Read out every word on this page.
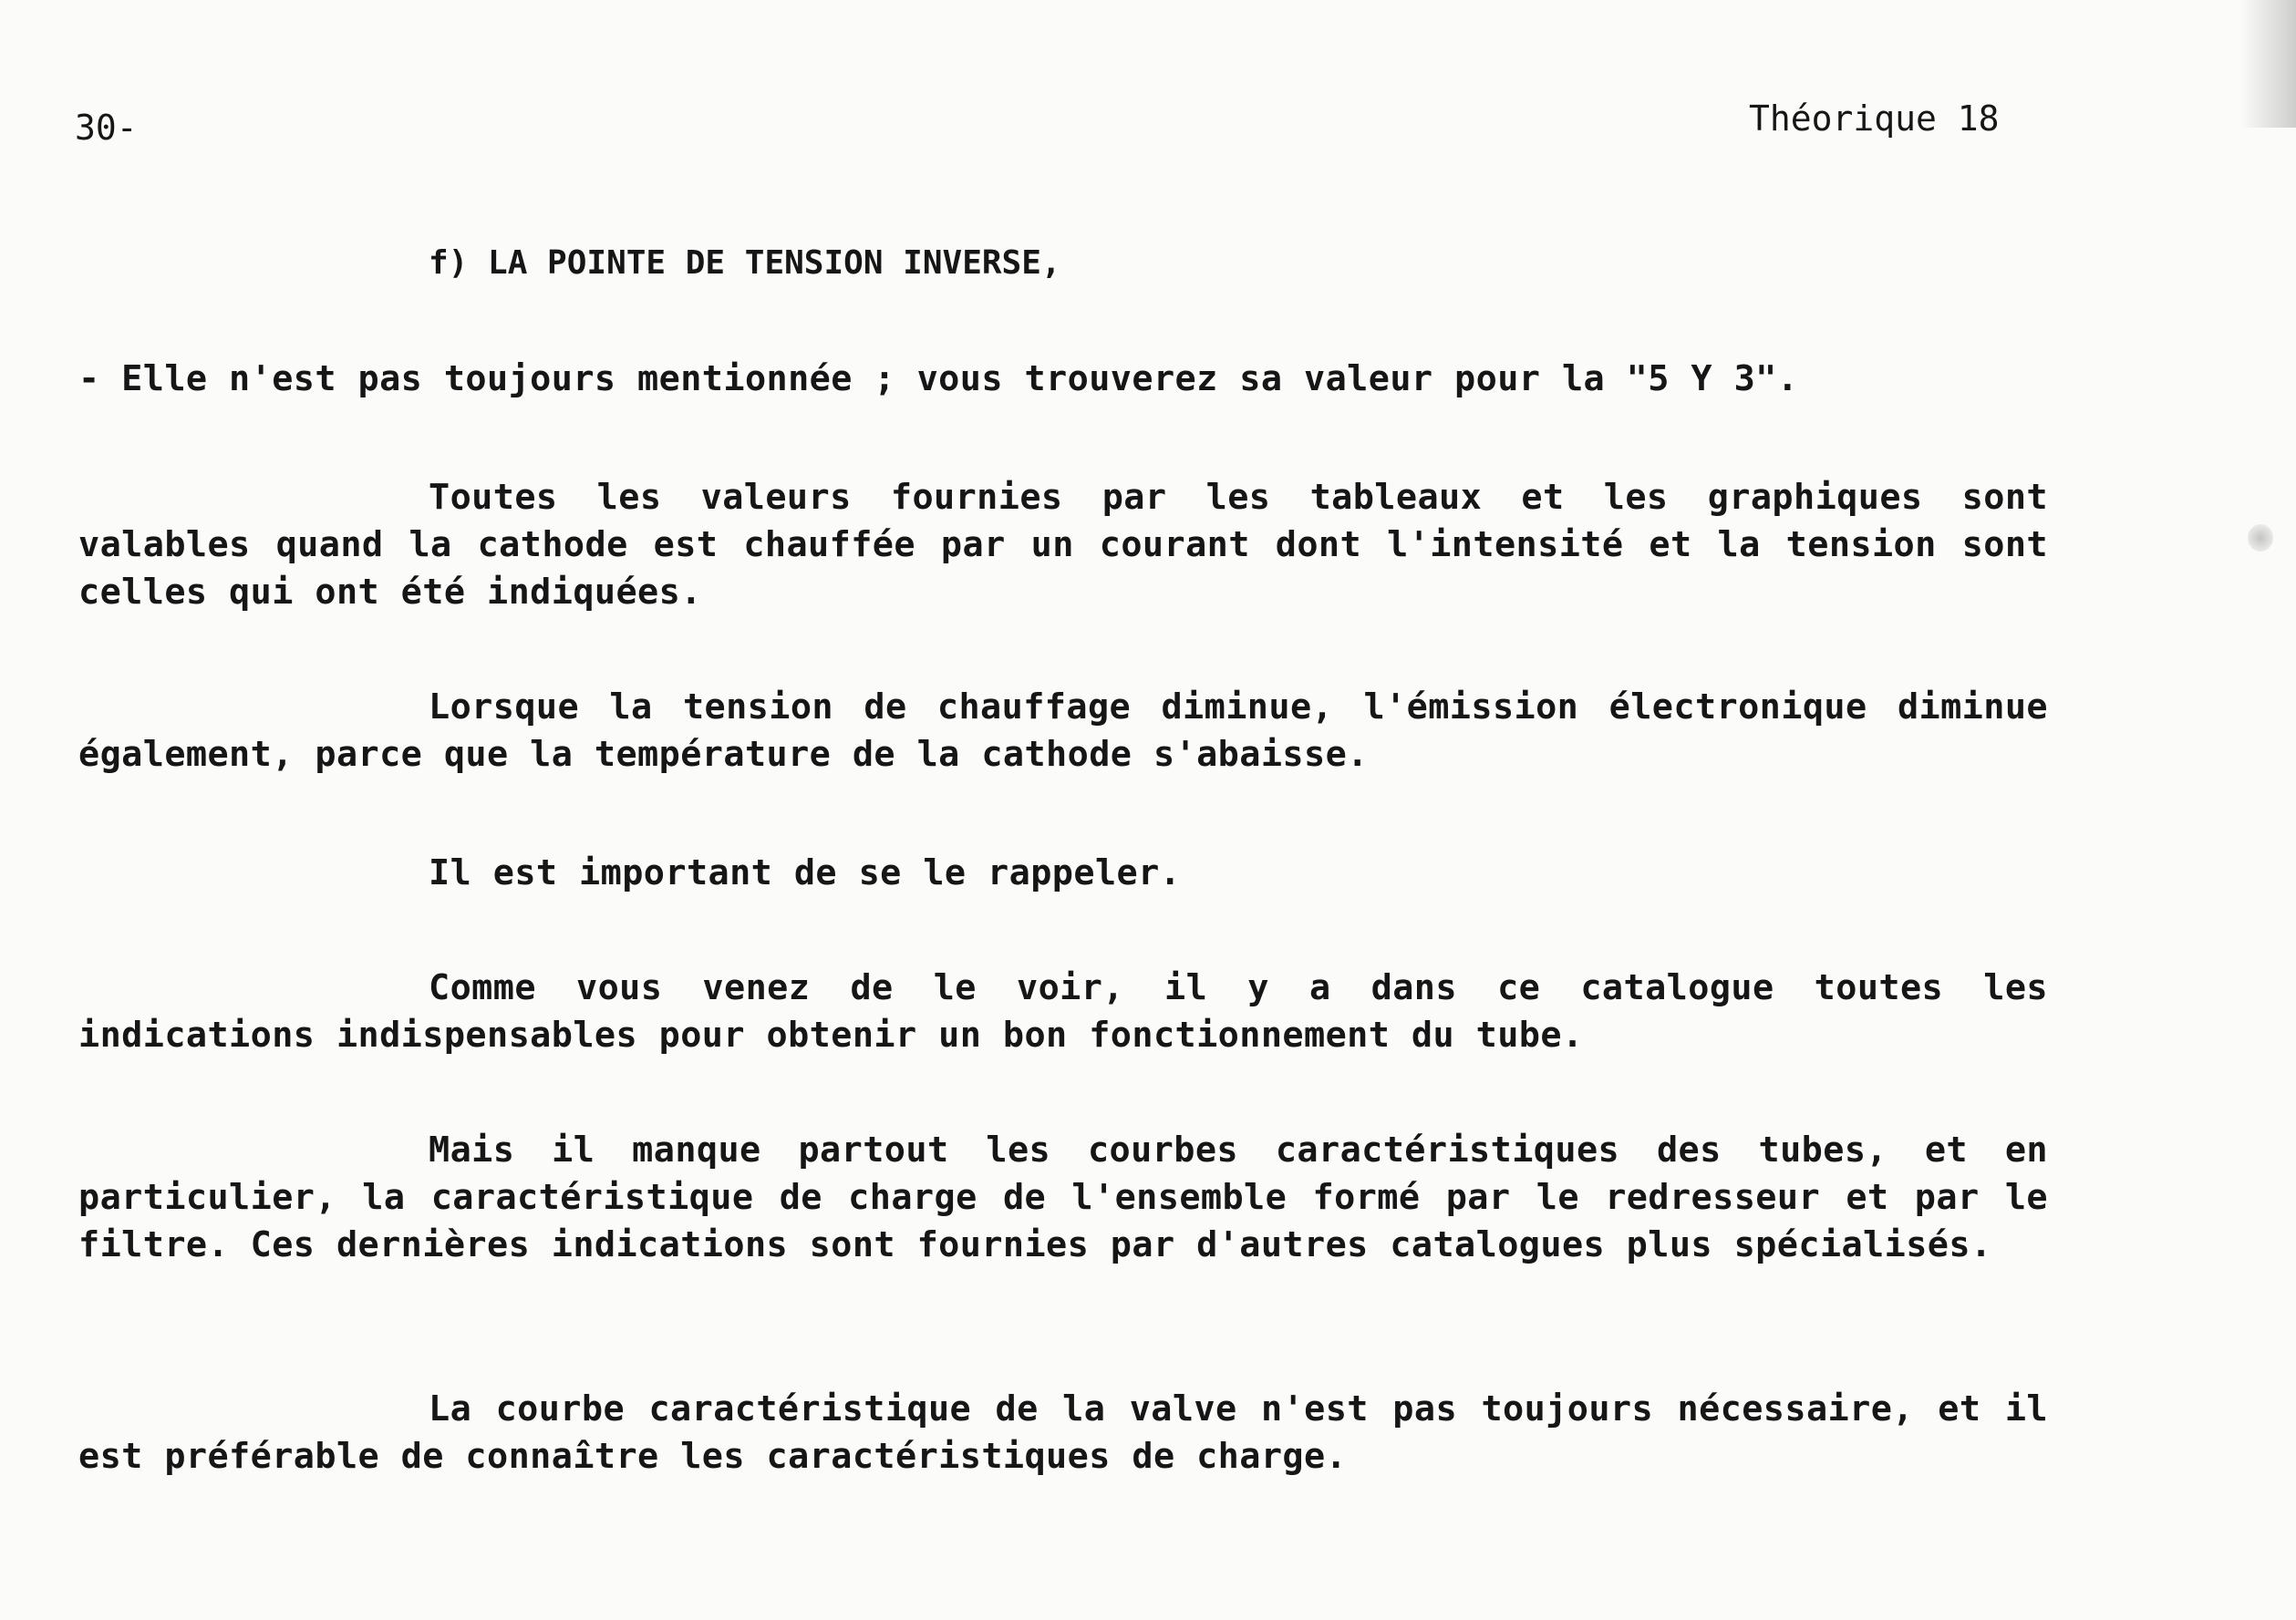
30-	Théorique 18
f) LA POINTE DE TENSION INVERSE,
- Elle n'est pas toujours mentionnée ; vous trouverez sa valeur pour la "5 Y 3".
Toutes les valeurs fournies par les tableaux et les graphiques sont valables quand la cathode est chauffée par un courant dont l'intensité et la tension sont celles qui ont été indiquées.
Lorsque la tension de chauffage diminue, l'émission électronique diminue également, parce que la température de la cathode s'abaisse.
Il est important de se le rappeler.
Comme vous venez de le voir, il y a dans ce catalogue toutes les indications indispensables pour obtenir un bon fonctionnement du tube.
Mais il manque partout les courbes caractéristiques des tubes, et en particulier, la caractéristique de charge de l'ensemble formé par le redresseur et par le filtre. Ces dernières indications sont fournies par d'autres catalogues plus spécialisés.
La courbe caractéristique de la valve n'est pas toujours nécessaire, et il est préférable de connaître les caractéristiques de charge.
